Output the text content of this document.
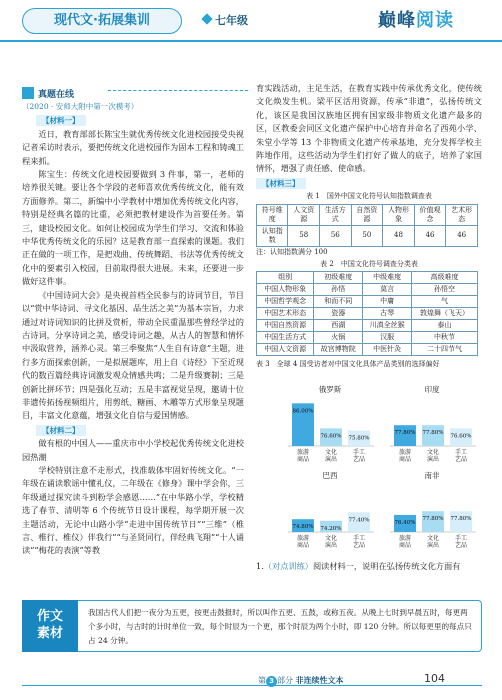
现代文·拓展集训	七年级	巅峰阅读
真题在线
（2020 · 安师大附中第一次模考）
【材料一】

近日，教育部部长陈宝生就优秀传统文化进校园接受央视记者采访时表示，要把传统文化进校园作为固本工程和铸魂工程来抓。

陈宝生：传统文化进校园要做到 3 件事，第一，老师的培养很关键。要让各个学段的老师喜欢优秀传统文化，能有效方面修养。第二，新编中小学教材中增加优秀传统文化内容，特别是经典名篇的比重，必须把教材建设作为首要任务。第三，建设校园文化。如何让校园成为学生们学习、交流和体验中华优秀传统文化的乐园？这是教育部一直探索的课题。我们正在做的一项工作，是把戏曲、传统舞蹈、书法等优秀传统文化中的要素引入校园，目前取得很大进展。未来，还要进一步做好这件事。

《中国诗词大会》是央视首档全民参与的诗词节目，节目以“赏中华诗词、寻文化基因、品生活之美”为基本宗旨，力求通过对诗词知识的比拼及赏析，带动全民重温那些曾经学过的古诗词，分享诗词之美，感受诗词之趣，从古人的智慧和情怀中汲取营养，涵养心灵。第三季聚焦“人生自有诗意”主题，进行多方面探索创新，一是拟展题库，用上自《诗经》下至近现代的数百篇经典诗词激发观众情感共鸣；二是升级赛制；三是创新比拼环节；四是强化互动；五是丰富视觉呈现，邀请十位非遗传拓扬视频组片，用剪纸、糖画、木雕等方式形象呈现题目，丰富文化意蕴，增强文化自信与爱国情感。

【材料二】

做有根的中国人——重庆市中小学校起优秀传统文化进校园热潮

学校特别注意不走形式，找准载体牢固好传统文化。“一年级在诵读歌谣中懂礼仪，二年级在《修身》课中学会你，三年级通过探究读斗到粉学会感恩……”在中华路小学，学校精选了春节、清明等 6 个传统节日设计课程，每学期开展一次主题活动，无论中山路小学“走进中国传统节日”“三维”（椎言、椎行、椎仪）伴我行”“与圣贤同行，伴经典飞翔”“十人诵读”“梅花的表演”等教

育实践活动，主足生活，在教育实践中传承优秀文化，使传统文化焕发生机。梁平区活用资源，传承“非遗”，弘扬传统文化，该区是我国汉族地区拥有国家级非物质文化遗产最多的区，区教委会同区文化遗产保护中心培育并命名了西苑小学、朱堂小学等 13 个非物质文化遗产传承基地，充分发挥学校主阵地作用，这些活动为学生们打好了做人的底子，培养了家国情怀，增强了责任感、使命感。

【材料三】
表 1　国外中国文化符号认知指数调查表
符号维度	人文资源	生活方式	自然资源	人物形象	价值观念	艺术形态
认知指数	58	56	50	48	46	46
注：认知指数满分 100
表 2　中国文化符号调查分类表
组别	初级难度	中级难度	高级难度
中国人物形象	孙悟	莫言	孙悟空
中国哲学观念	和而不同	中庸	气
中国艺术形态	瓷器	古琴	敦煌舞（飞天）
中国自然资源	西湖	川滇全丝猴	泰山
中国生活方式	火锅	汉服	中秋节
中国人文资源	故宫博物院	中医针灸	二十四节气
表 3　全球 4 国受访者对中国文化具体产品类别的选择偏好
俄罗斯
86.00%
旅游
商品
76.60%
文化
演出
75.80%
手工
艺品
印度
77.80%
旅游
商品
77.80%
文化
演出
76.60%
手工
艺品
巴西
74.80%
旅游
商品
74.20%
文化
演出
77.40%
手工
艺品
南非
76.40%
旅游
商品
77.80%
文化
演出
77.80%
手工
艺品
1.（对点训练）阅读材料一，说明在弘扬传统文化方面有
作文
素材
我国古代人们把一夜分为五更，按更击鼓报时，所以叫作五更、五鼓，或称五夜。从晚上七时到早晨五时，每更两个多小时，与古时的计时单位一致，每个时辰为一个更，那个时辰为两个小时，即 120 分钟。所以每更里的每点只占 24 分钟。
第 3 部分 非连续性文本	104
